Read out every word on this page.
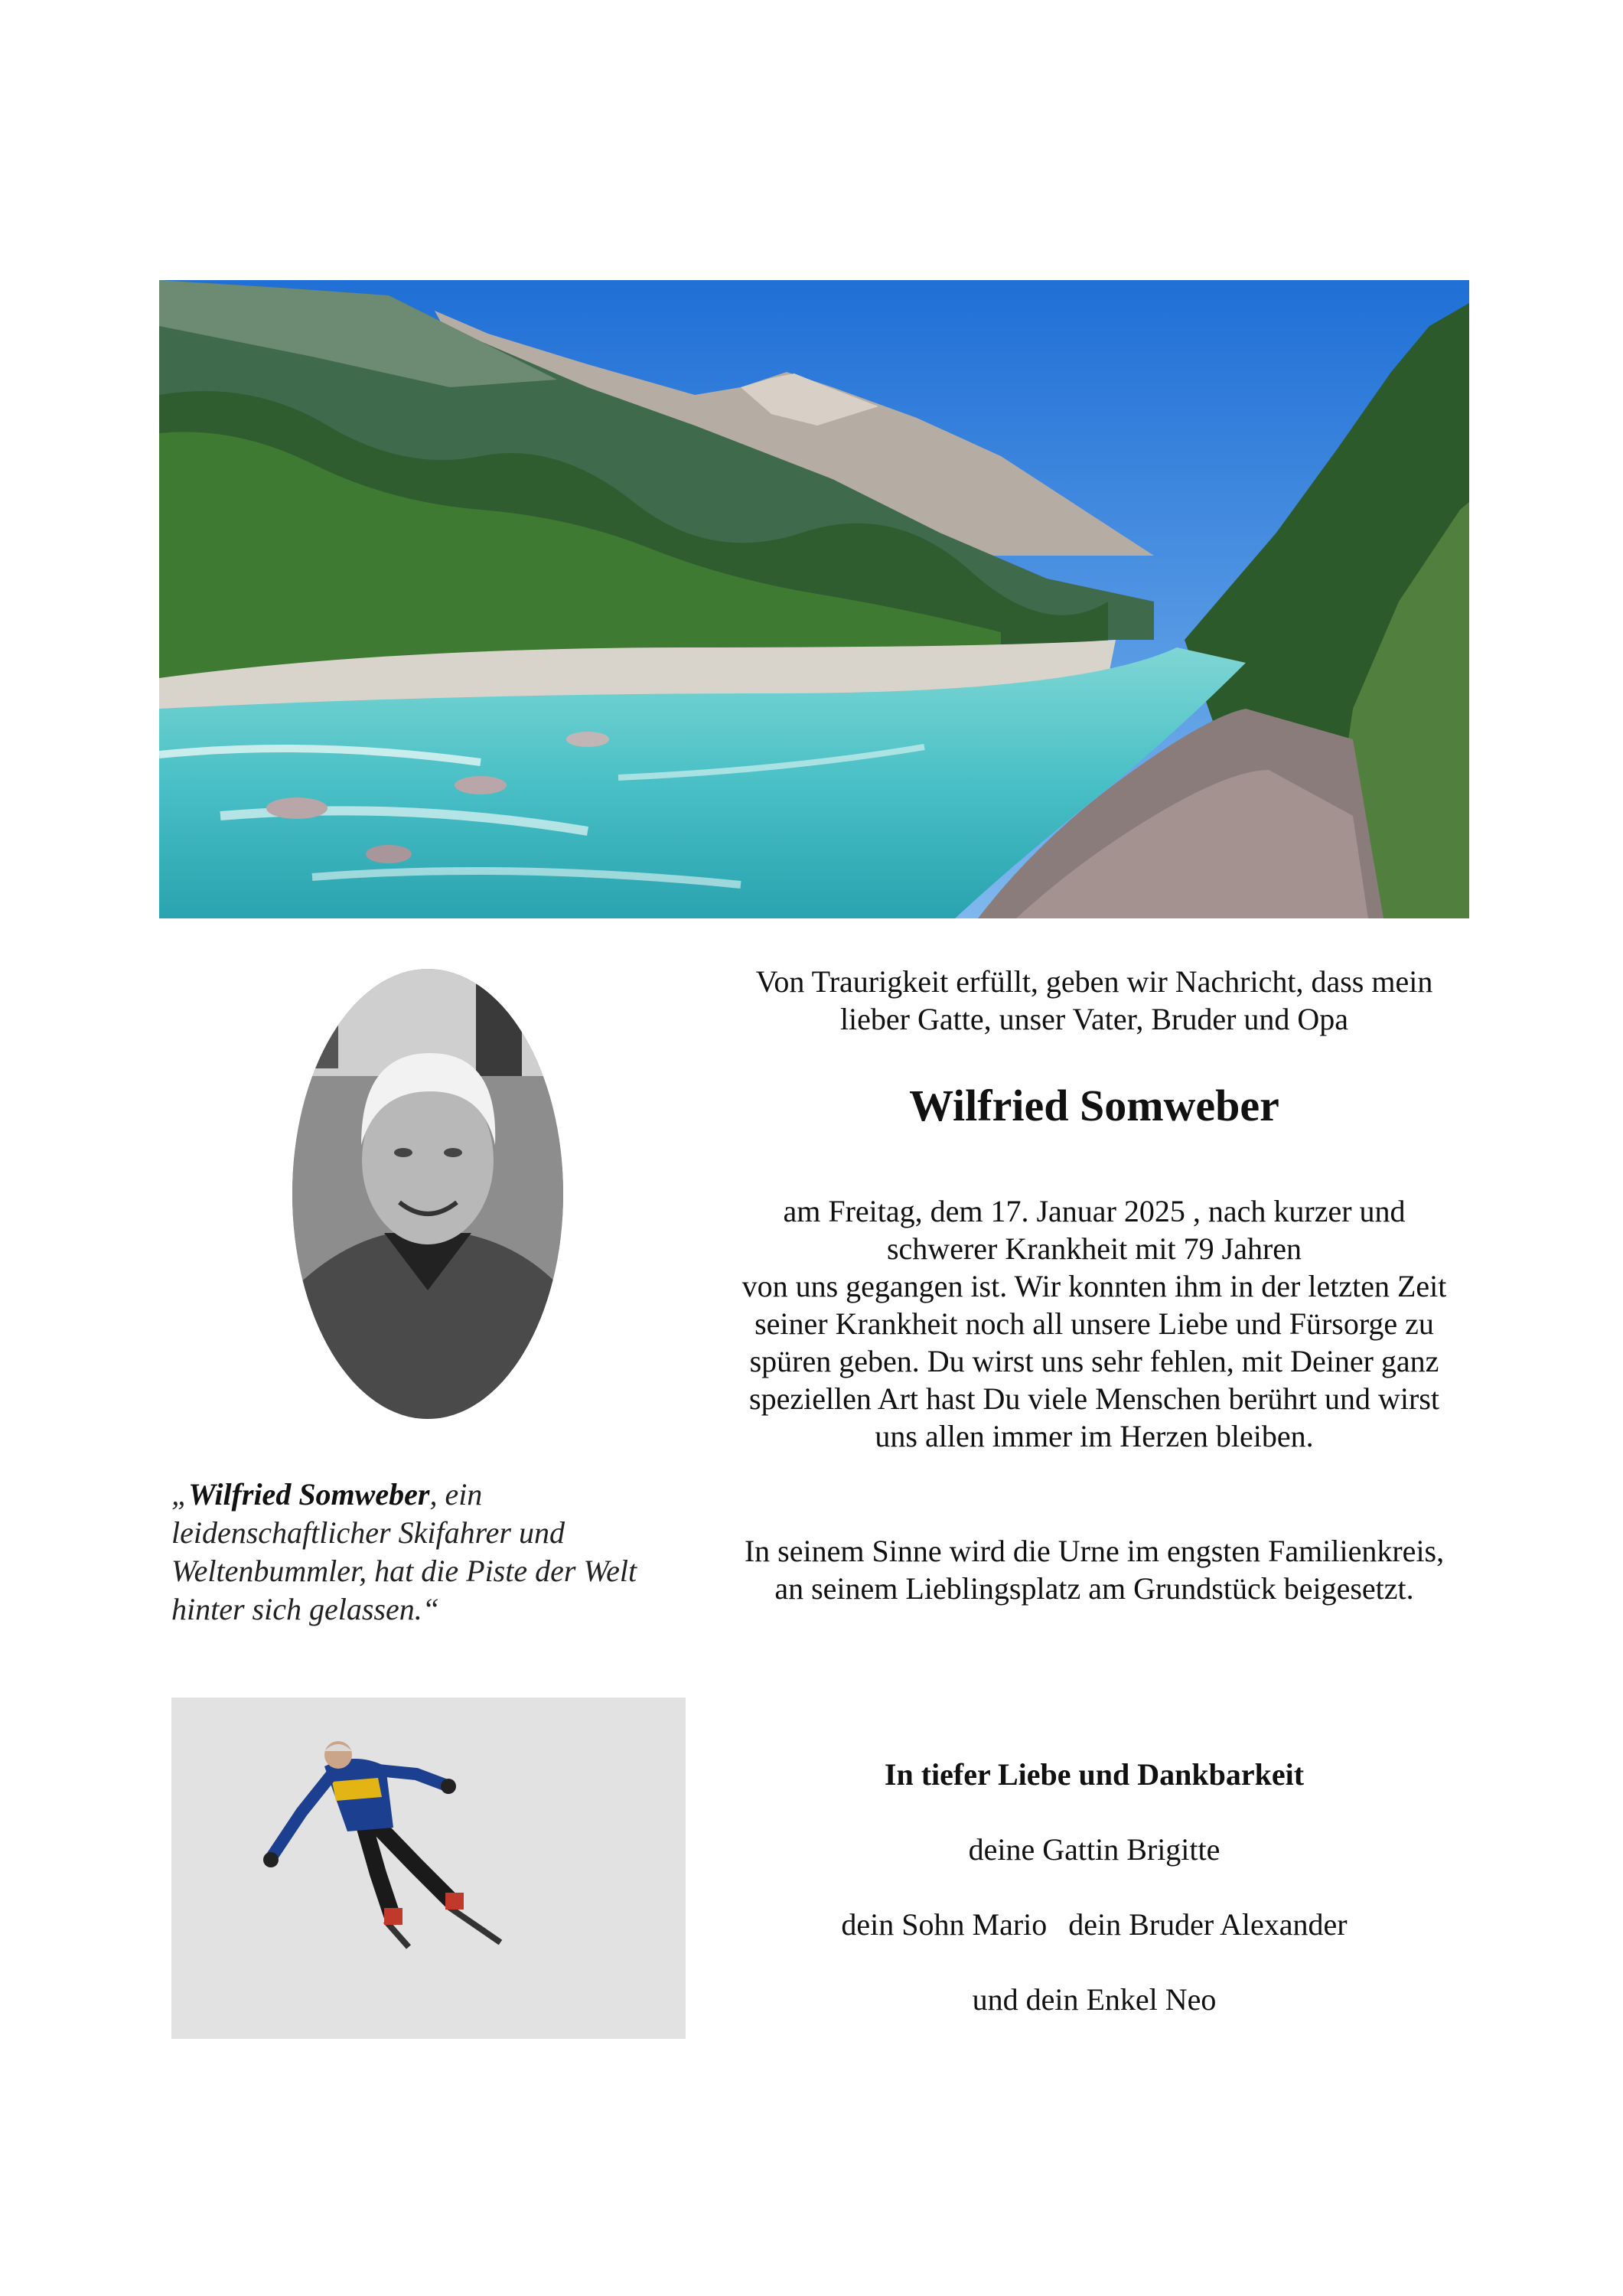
Von Traurigkeit erfüllt, geben wir Nachricht, dass mein
lieber Gatte, unser Vater, Bruder und Opa
Wilfried Somweber
am Freitag, dem 17. Januar 2025 , nach kurzer und
schwerer Krankheit mit 79 Jahren
von uns gegangen ist. Wir konnten ihm in der letzten Zeit
seiner Krankheit noch all unsere Liebe und Fürsorge zu
spüren geben. Du wirst uns sehr fehlen, mit Deiner ganz
speziellen Art hast Du viele Menschen berührt und wirst
uns allen immer im Herzen bleiben.
„Wilfried Somweber, ein
leidenschaftlicher Skifahrer und
Weltenbummler, hat die Piste der Welt
hinter sich gelassen.“
In seinem Sinne wird die Urne im engsten Familienkreis,
an seinem Lieblingsplatz am Grundstück beigesetzt.
In tiefer Liebe und Dankbarkeit
deine Gattin Brigitte
dein Sohn Mario dein Bruder Alexander
und dein Enkel Neo
